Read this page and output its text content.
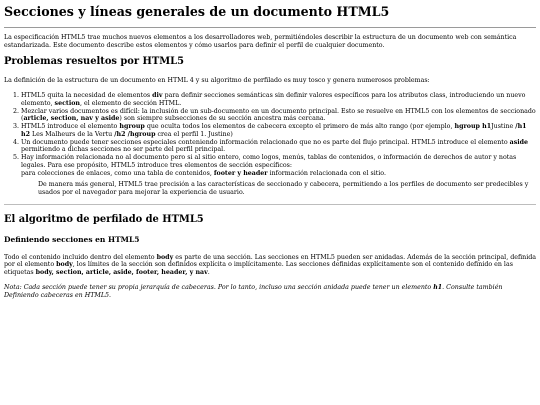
Secciones y líneas generales de un documento HTML5

La especificación HTML5 trae muchos nuevos elementos a los desarrolladores web, permitiéndoles describir la estructura de un documento web con semántica estandarizada. Este documento describe estos elementos y cómo usarlos para definir el perfil de cualquier documento.

Problemas resueltos por HTML5

La definición de la estructura de un documento en HTML 4 y su algoritmo de perfilado es muy tosco y genera numerosos problemas:

1. HTML5 quita la necesidad de elementos div para definir secciones semánticas sin definir valores específicos para los atributos class, introduciendo un nuevo elemento, section, el elemento de sección HTML.
2. Mezclar varios documentos es difícil: la inclusión de un sub-documento en un documento principal. Esto se resuelve en HTML5 con los elementos de seccionado (article, section, nav y aside) son siempre subsecciones de su sección ancestra más cercana.
3. HTML5 introduce el elemento hgroup que oculta todos los elementos de cabecera excepto el primero de más alto rango (por ejemplo, hgroup h1Justine /h1 h2 Les Malheurs de la Vertu /h2 /hgroup crea el perfil 1. Justine)
4. Un documento puede tener secciones especiales conteniendo información relacionado que no es parte del flujo principal. HTML5 introduce el elemento aside permitiendo a dichas secciones no ser parte del perfil principal.
5. Hay información relacionada no al documento pero si al sitio entero, como logos, menús, tablas de contenidos, o información de derechos de autor y notas legales. Para ese propósito, HTML5 introduce tres elementos de sección específicos:
para colecciones de enlaces, como una tabla de contenidos, footer y header información relacionada con el sitio.
De manera más general, HTML5 trae precisión a las características de seccionado y cabecera, permitiendo a los perfiles de documento ser predecibles y usados por el navegador para mejorar la experiencia de usuario.
El algoritmo de perfilado de HTML5
Definiendo secciones en HTML5

Todo el contenido incluido dentro del elemento body es parte de una sección. Las secciones en HTML5 pueden ser anidadas. Además de la sección principal, definida por el elemento body, los límites de la sección son definidos explícita o implícitamente. Las secciones definidas explícitamente son el contenido definido en las etiquetas body, section, article, aside, footer, header, y nav.

Nota: Cada sección puede tener su propia jerarquía de cabeceras. Por lo tanto, incluso una sección anidada puede tener un elemento h1. Consulte también Definiendo cabeceras en HTML5.
